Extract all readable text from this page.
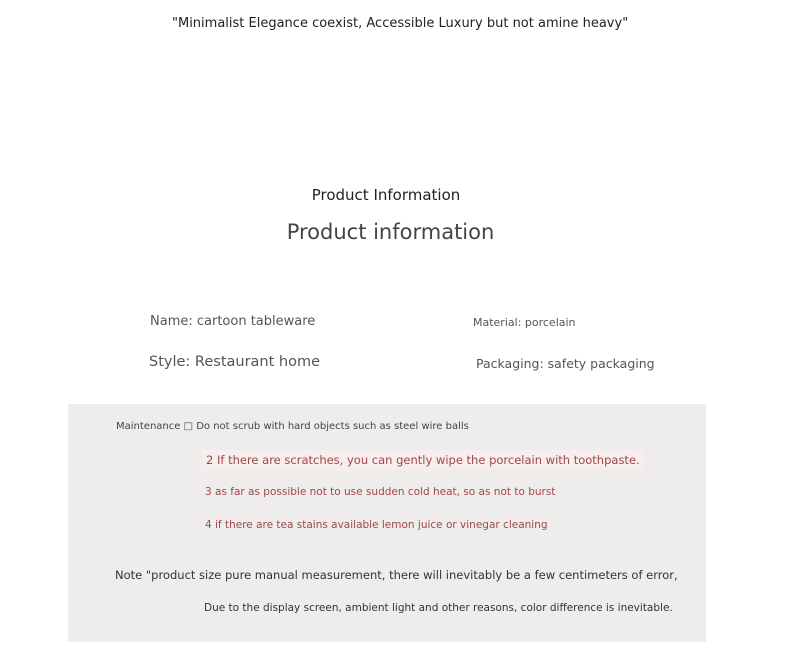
"Minimalist Elegance coexist, Accessible Luxury but not amine heavy"
Product Information
Product information
Name: cartoon tableware	Material: porcelain
Style: Restaurant home	Packaging: safety packaging
Maintenance □ Do not scrub with hard objects such as steel wire balls
2 If there are scratches, you can gently wipe the porcelain with toothpaste.
3 as far as possible not to use sudden cold heat, so as not to burst
4 if there are tea stains available lemon juice or vinegar cleaning
Note "product size pure manual measurement, there will inevitably be a few centimeters of error,
Due to the display screen, ambient light and other reasons, color difference is inevitable.
